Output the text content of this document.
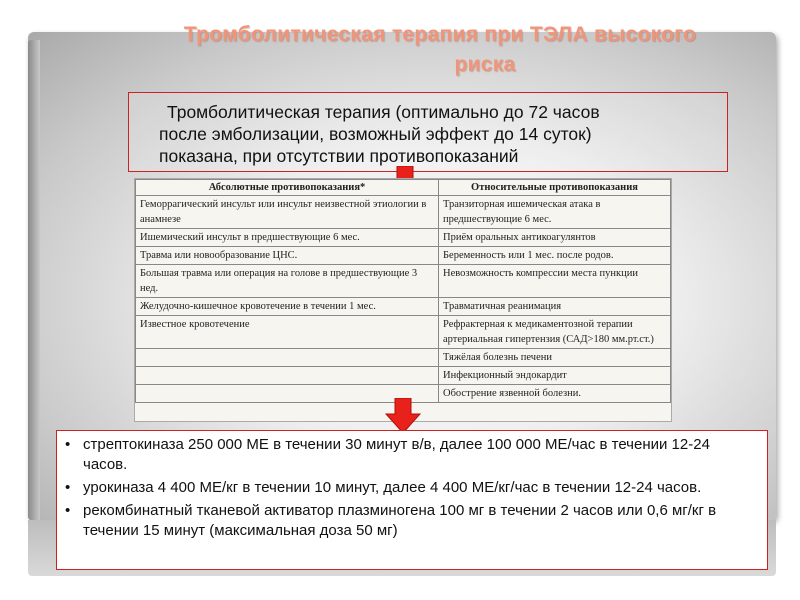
Тромболитическая терапия при ТЭЛА высокого
риска
Тромболитическая терапия (оптимально до 72 часов
после эмболизации, возможный эффект до 14 суток)
показана, при отсутствии противопоказаний
Абсолютные противопоказания*	Относительные противопоказания
Геморрагический инсульт или инсульт неизвестной этиологии в анамнезе	Транзиторная ишемическая атака в предшествующие 6 мес.
Ишемический инсульт в предшествующие 6 мес.	Приём оральных антикоагулянтов
Травма или новообразование ЦНС.	Беременность или 1 мес. после родов.
Большая травма или операция на голове в предшествующие 3 нед.	Невозможность компрессии места пункции
Желудочно-кишечное кровотечение в течении 1 мес.	Травматичная реанимация
Известное кровотечение	Рефрактерная к медикаментозной терапии артериальная гипертензия (САД>180 мм.рт.ст.)
	Тяжёлая болезнь печени
	Инфекционный эндокардит
	Обострение язвенной болезни.
• стрептокиназа 250 000 МЕ в течении 30 минут в/в, далее 100 000 МЕ/час в течении 12-24 часов.
• урокиназа 4 400 МЕ/кг в течении 10 минут, далее 4 400 МЕ/кг/час в течении 12-24 часов.
• рекомбинатный тканевой активатор плазминогена 100 мг в течении 2 часов или 0,6 мг/кг в течении 15 минут (максимальная доза 50 мг)
